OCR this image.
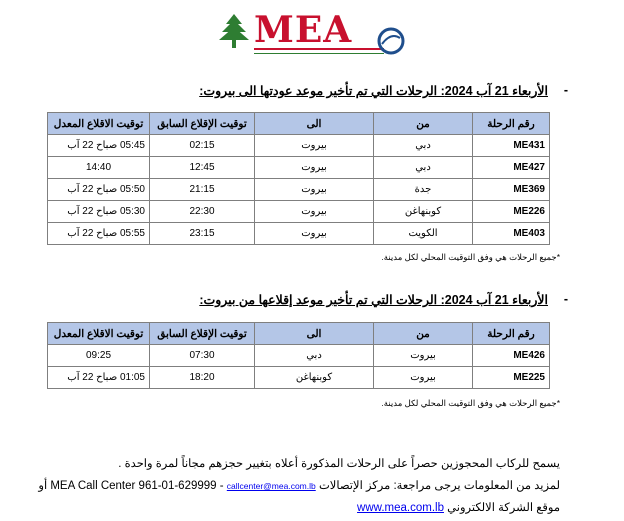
MEA
-
الأربعاء 21 آب 2024: الرحلات التي تم تأخير موعد عودتها الى بيروت:
رقم الرحلة	من	الى	توقيت الإقلاع السابق	توقيت الاقلاع المعدل
ME431	دبي	بيروت	02:15	05:45 صباح 22 آب
ME427	دبي	بيروت	12:45	14:40
ME369	جدة	بيروت	21:15	05:50 صباح 22 آب
ME226	كوبنهاغن	بيروت	22:30	05:30 صباح 22 آب
ME403	الكويت	بيروت	23:15	05:55 صباح 22 آب
*جميع الرحلات هي وفق التوقيت المحلي لكل مدينة.
-
الأربعاء 21 آب 2024: الرحلات التي تم تأخير موعد إقلاعها من بيروت:
رقم الرحلة	من	الى	توقيت الإقلاع السابق	توقيت الاقلاع المعدل
ME426	بيروت	دبي	07:30	09:25
ME225	بيروت	كوبنهاغن	18:20	01:05 صباح 22 آب
*جميع الرحلات هي وفق التوقيت المحلي لكل مدينة.
يسمح للركاب المحجوزين حصراً على الرحلات المذكورة أعلاه بتغيير حجزهم مجاناً لمرة واحدة .
لمزيد من المعلومات يرجى مراجعة: مركز الإتصالات MEA Call Center 961-01-629999 - callcenter@mea.com.lb أو
موقع الشركة الالكتروني www.mea.com.lb
